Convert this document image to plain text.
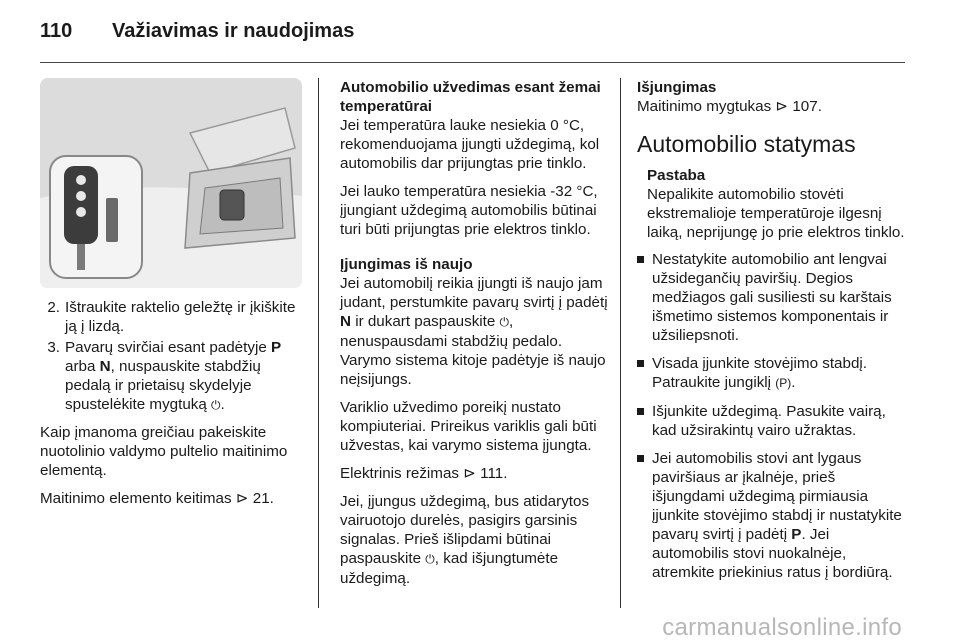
110 Važiavimas ir naudojimas
2. Ištraukite raktelio geležtę ir įkiškite ją į lizdą.
3. Pavarų svirčiai esant padėtyje P arba N, nuspauskite stabdžių pedalą ir prietaisų skydelyje spustelėkite mygtuką ⏻.

Kaip įmanoma greičiau pakeiskite nuotolinio valdymo pultelio maitinimo elementą.

Maitinimo elemento keitimas ⊳ 21.

Automobilio užvedimas esant žemai temperatūrai

Jei temperatūra lauke nesiekia 0 °C, rekomenduojama įjungti uždegimą, kol automobilis dar prijungtas prie tinklo.

Jei lauko temperatūra nesiekia -32 °C, įjungiant uždegimą automobilis būtinai turi būti prijungtas prie elektros tinklo.

Įjungimas iš naujo

Jei automobilį reikia įjungti iš naujo jam judant, perstumkite pavarų svirtį į padėtį N ir dukart paspauskite ⏻, nenuspausdami stabdžių pedalo. Varymo sistema kitoje padėtyje iš naujo neįsijungs.

Variklio užvedimo poreikį nustato kompiuteriai. Prireikus variklis gali būti užvestas, kai varymo sistema įjungta.

Elektrinis režimas ⊳ 111.

Jei, įjungus uždegimą, bus atidarytos vairuotojo durelės, pasigirs garsinis signalas. Prieš išlipdami būtinai paspauskite ⏻, kad išjungtumėte uždegimą.

Išjungimas

Maitinimo mygtukas ⊳ 107.

Automobilio statymas
Pastaba
Nepalikite automobilio stovėti ekstremalioje temperatūroje ilgesnį laiką, neprijungę jo prie elektros tinklo.
Nestatykite automobilio ant lengvai užsidegančių paviršių. Degios medžiagos gali susiliesti su karštais išmetimo sistemos komponentais ir užsiliepsnoti.
Visada įjunkite stovėjimo stabdį. Patraukite jungiklį (P).
Išjunkite uždegimą. Pasukite vairą, kad užsirakintų vairo užraktas.
Jei automobilis stovi ant lygaus paviršiaus ar įkalnėje, prieš išjungdami uždegimą pirmiausia įjunkite stovėjimo stabdį ir nustatykite pavarų svirtį į padėtį P. Jei automobilis stovi nuokalnėje, atremkite priekinius ratus į bordiūrą.
carmanualsonline.info
